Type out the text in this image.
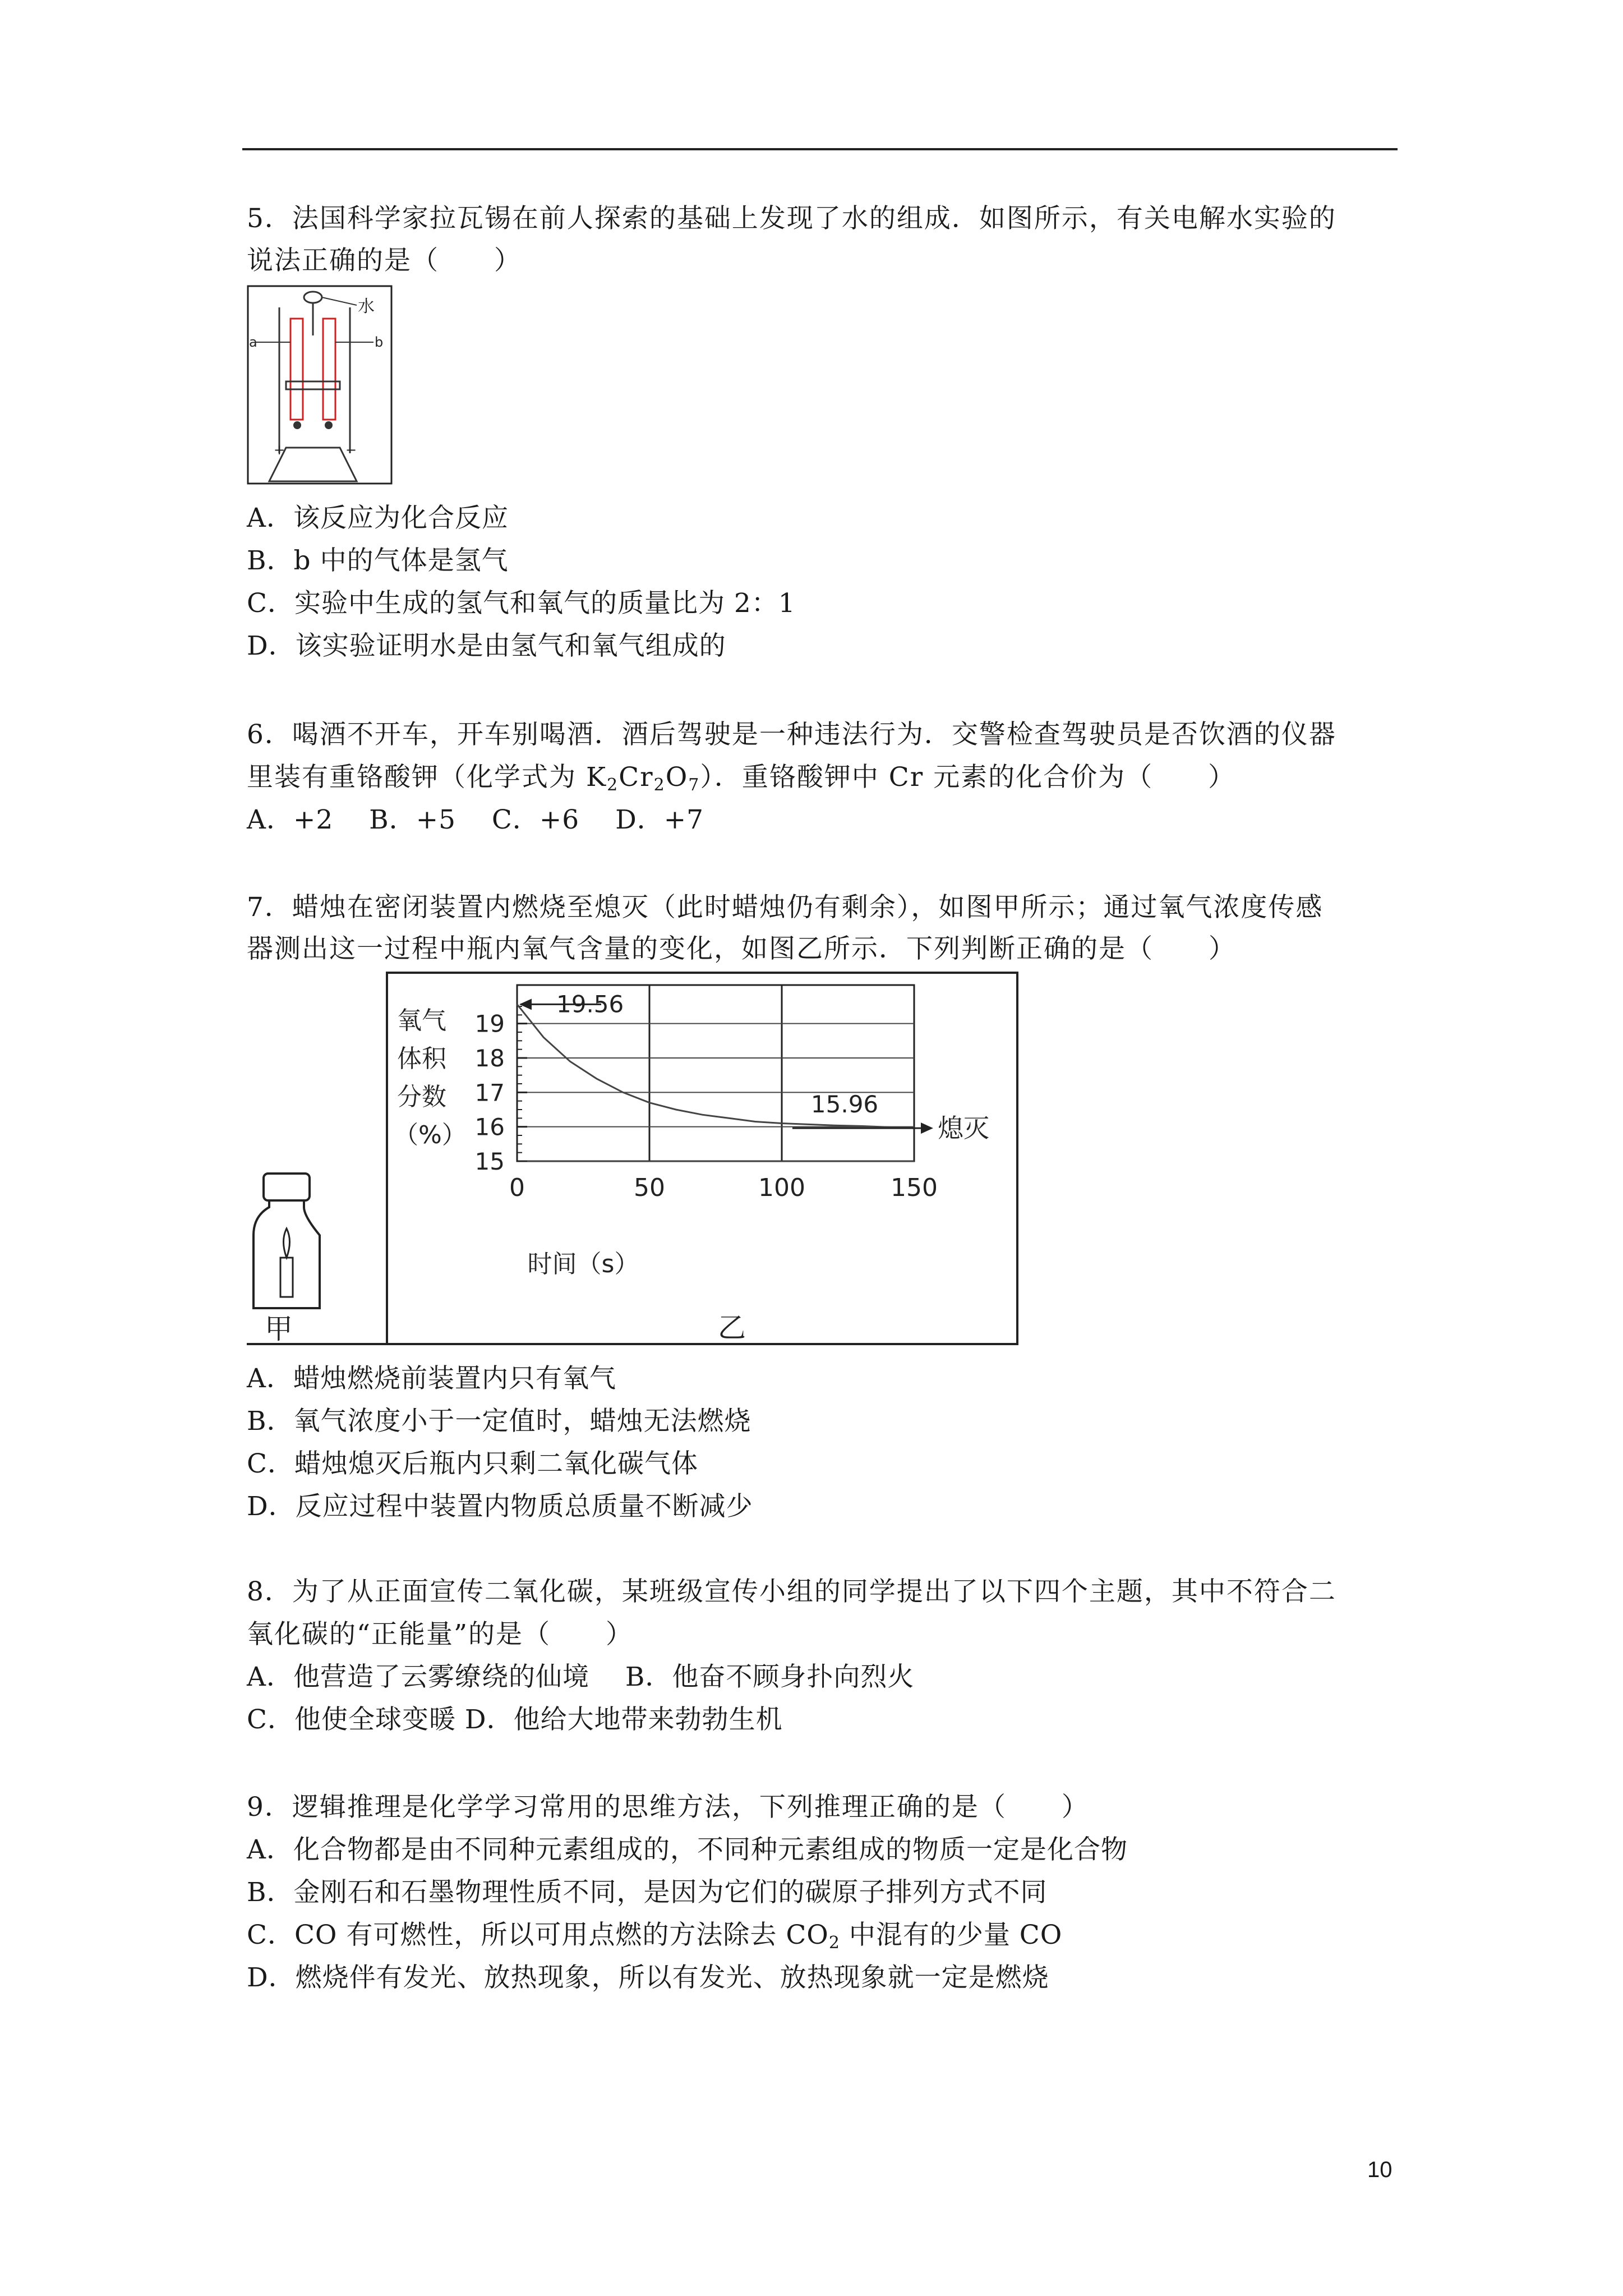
5．法国科学家拉瓦锡在前人探索的基础上发现了水的组成．如图所示，有关电解水实验的
说法正确的是（　　）
水
a	b
+	−
A．该反应为化合反应
B．b 中的气体是氢气
C．实验中生成的氢气和氧气的质量比为 2：1
D．该实验证明水是由氢气和氧气组成的
6．喝酒不开车，开车别喝酒．酒后驾驶是一种违法行为．交警检查驾驶员是否饮酒的仪器
里装有重铬酸钾（化学式为 $K_2Cr_2O_7$）．重铬酸钾中 Cr 元素的化合价为（　　）
A．+2　 B．+5　 C．+6　 D．+7
7．蜡烛在密闭装置内燃烧至熄灭（此时蜡烛仍有剩余），如图甲所示；通过氧气浓度传感
器测出这一过程中瓶内氧气含量的变化，如图乙所示．下列判断正确的是（　　）
甲	乙
氧气
体积
分数
（%）
时间（s）
0	50	100	150
15
16
17
18
19
19.56
15.96
熄灭
A．蜡烛燃烧前装置内只有氧气
B．氧气浓度小于一定值时，蜡烛无法燃烧
C．蜡烛熄灭后瓶内只剩二氧化碳气体
D．反应过程中装置内物质总质量不断减少
8．为了从正面宣传二氧化碳，某班级宣传小组的同学提出了以下四个主题，其中不符合二
氧化碳的“正能量”的是（　　）
A．他营造了云雾缭绕的仙境　 B．他奋不顾身扑向烈火
C．他使全球变暖 D．他给大地带来勃勃生机
9．逻辑推理是化学学习常用的思维方法，下列推理正确的是（　　）
A．化合物都是由不同种元素组成的，不同种元素组成的物质一定是化合物
B．金刚石和石墨物理性质不同，是因为它们的碳原子排列方式不同
C．CO 有可燃性，所以可用点燃的方法除去 $CO_2$ 中混有的少量 CO
D．燃烧伴有发光、放热现象，所以有发光、放热现象就一定是燃烧
10
